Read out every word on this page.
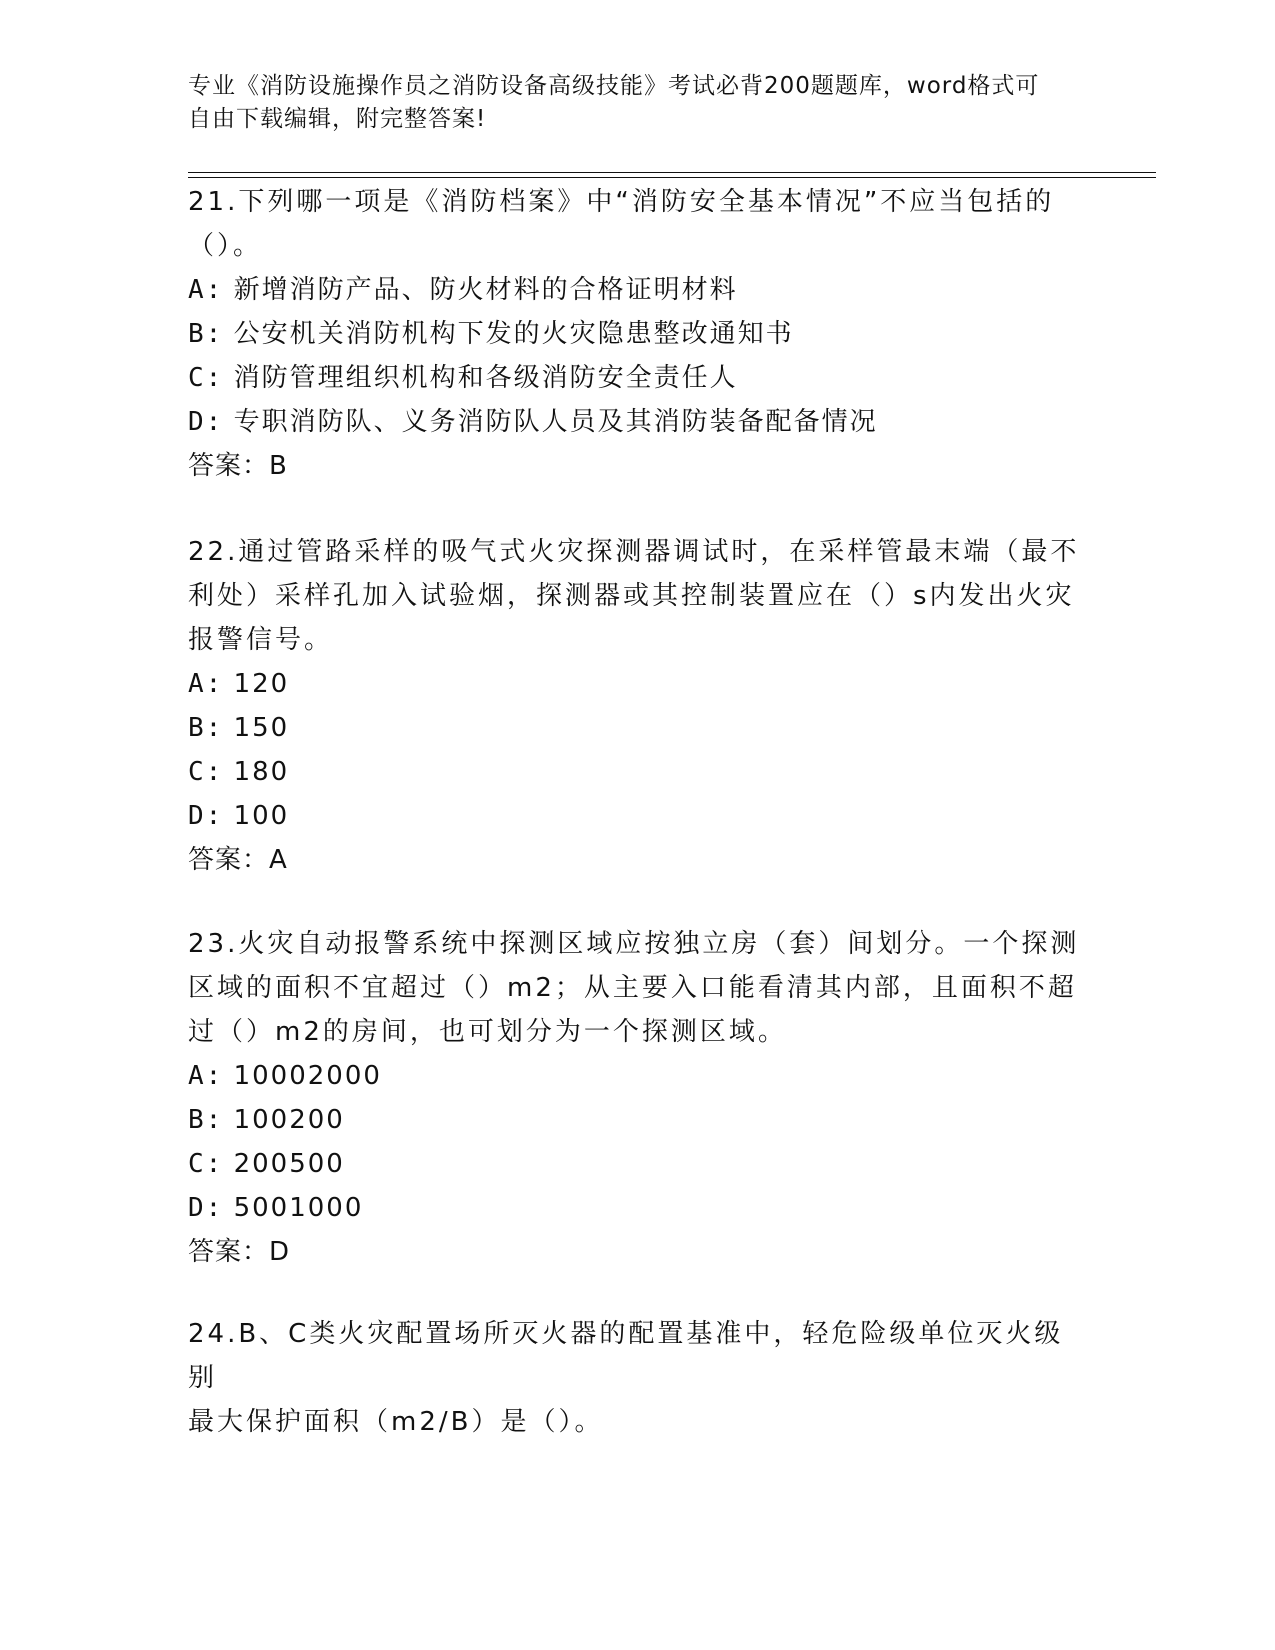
专业《消防设施操作员之消防设备高级技能》考试必背200题题库，word格式可
自由下载编辑，附完整答案!
21.下列哪一项是《消防档案》中“消防安全基本情况”不应当包括的
（）。
A: 新增消防产品、防火材料的合格证明材料
B: 公安机关消防机构下发的火灾隐患整改通知书
C: 消防管理组织机构和各级消防安全责任人
D: 专职消防队、义务消防队人员及其消防装备配备情况
答案：B
22.通过管路采样的吸气式火灾探测器调试时，在采样管最末端（最不
利处）采样孔加入试验烟，探测器或其控制装置应在（）s内发出火灾
报警信号。
A: 120
B: 150
C: 180
D: 100
答案：A
23.火灾自动报警系统中探测区域应按独立房（套）间划分。一个探测
区域的面积不宜超过（）m2；从主要入口能看清其内部，且面积不超
过（）m2的房间，也可划分为一个探测区域。
A: 10002000
B: 100200
C: 200500
D: 5001000
答案：D
24.B、C类火灾配置场所灭火器的配置基准中，轻危险级单位灭火级别
最大保护面积（m2/B）是（）。
